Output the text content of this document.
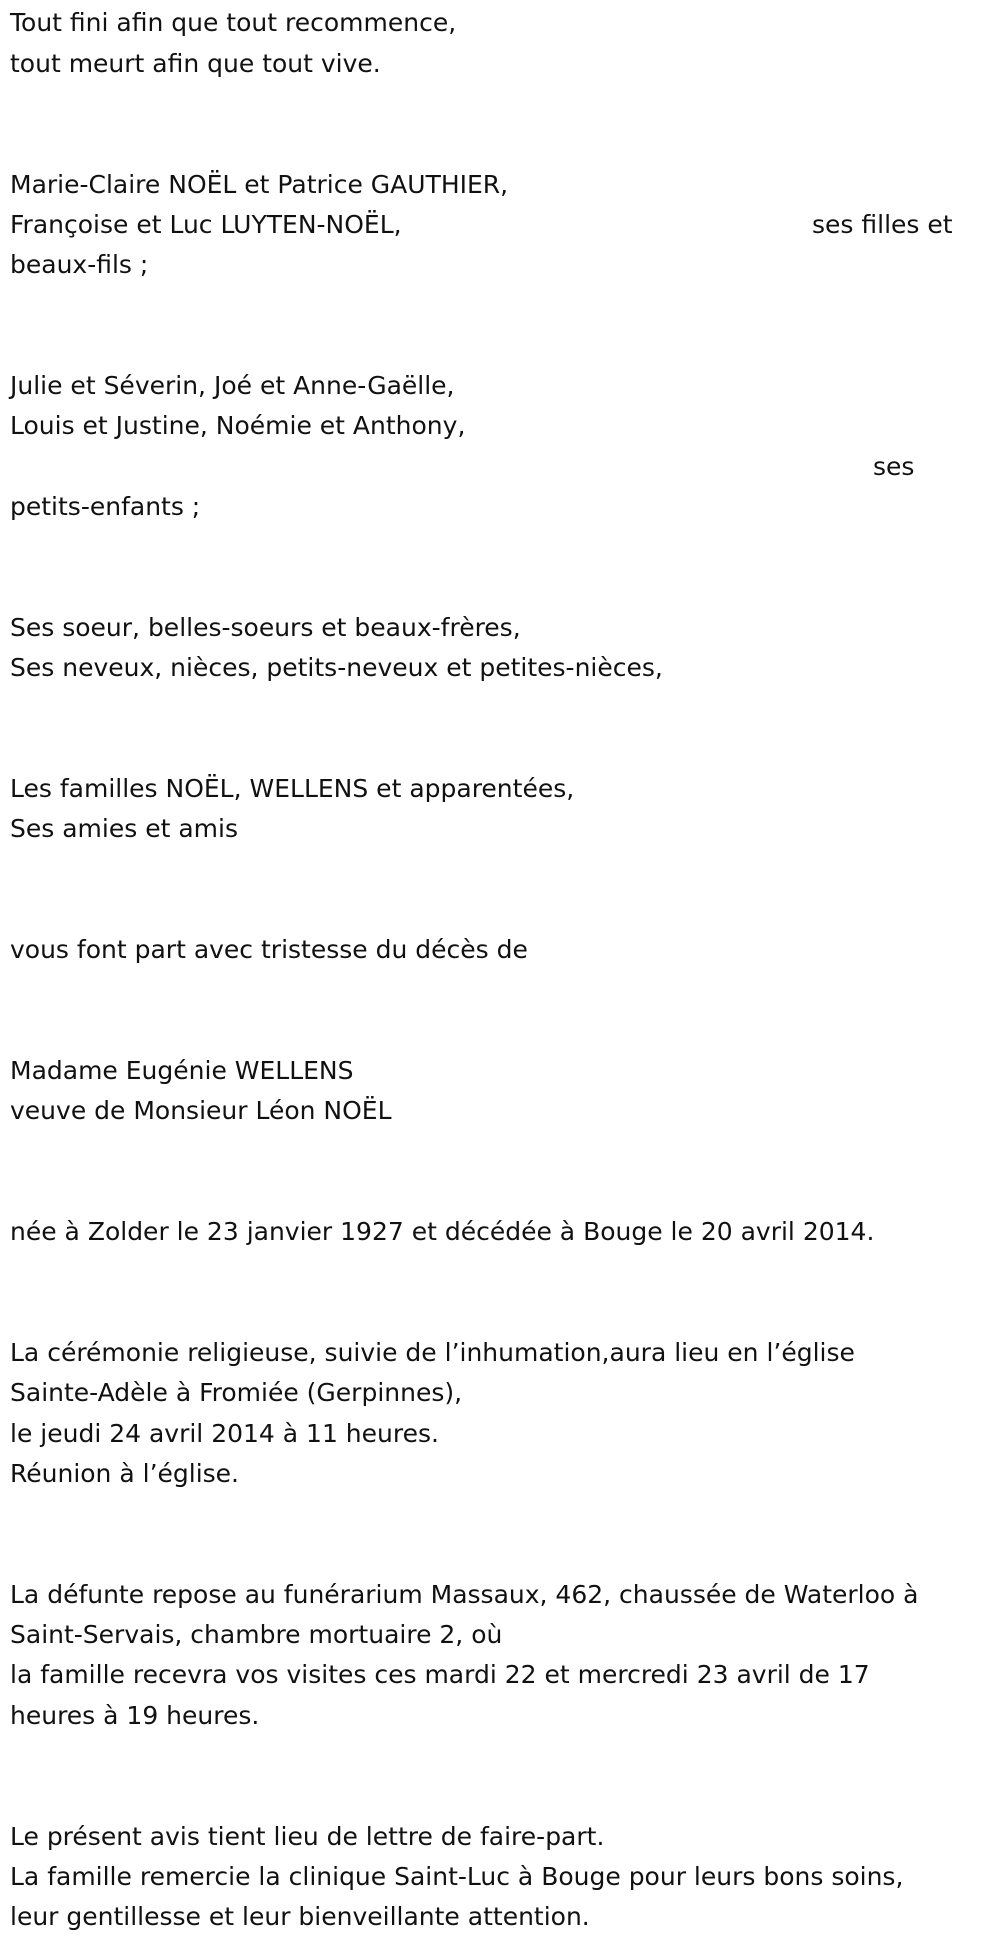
Tout fini afin que tout recommence,
tout meurt afin que tout vive.
Marie-Claire NOËL et Patrice GAUTHIER,
Françoise et Luc LUYTEN-NOËL,	ses filles et
beaux-fils ;
Julie et Séverin, Joé et Anne-Gaëlle,
Louis et Justine, Noémie et Anthony,
ses
petits-enfants ;
Ses soeur, belles-soeurs et beaux-frères,
Ses neveux, nièces, petits-neveux et petites-nièces,
Les familles NOËL, WELLENS et apparentées,
Ses amies et amis
vous font part avec tristesse du décès de
Madame Eugénie WELLENS
veuve de Monsieur Léon NOËL
née à Zolder le 23 janvier 1927 et décédée à Bouge le 20 avril 2014.
La cérémonie religieuse, suivie de l’inhumation,aura lieu en l’église
Sainte-Adèle à Fromiée (Gerpinnes),
le jeudi 24 avril 2014 à 11 heures.
Réunion à l’église.
La défunte repose au funérarium Massaux, 462, chaussée de Waterloo à
Saint-Servais, chambre mortuaire 2, où
la famille recevra vos visites ces mardi 22 et mercredi 23 avril de 17
heures à 19 heures.
Le présent avis tient lieu de lettre de faire-part.
La famille remercie la clinique Saint-Luc à Bouge pour leurs bons soins,
leur gentillesse et leur bienveillante attention.
